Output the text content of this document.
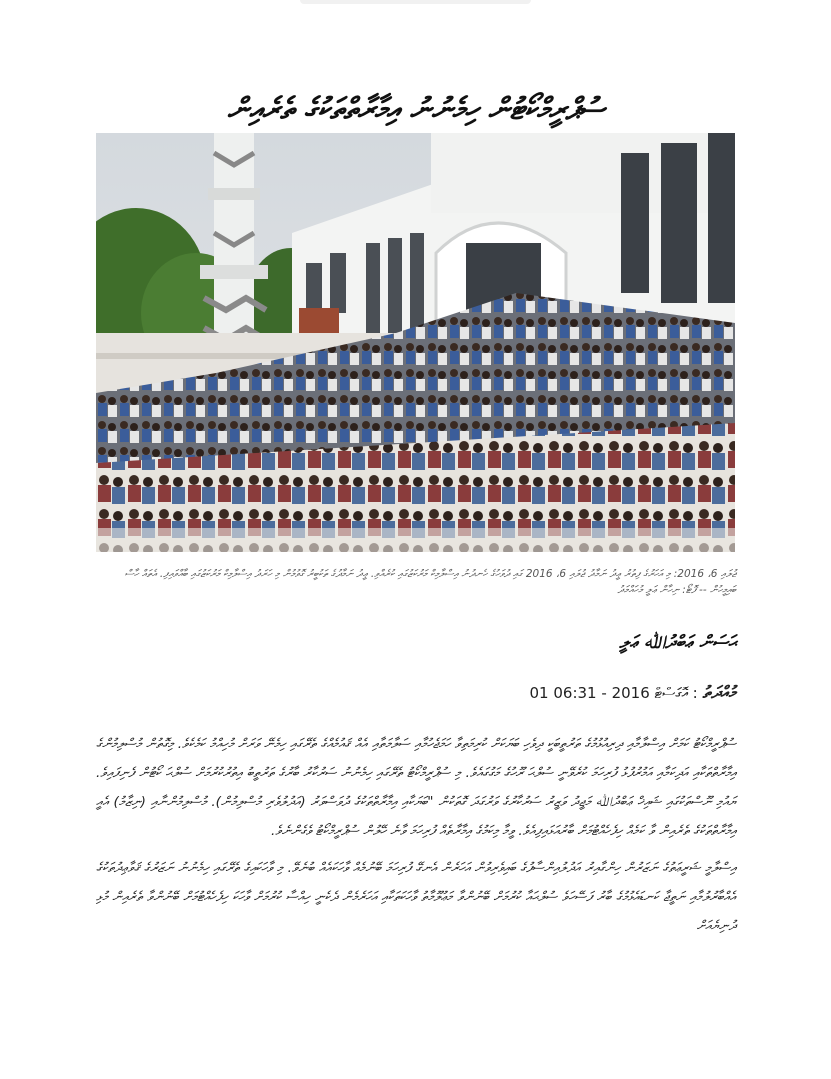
ސުޕްރީމްކޯޓުން ހިމެނުނު އިމާރާތްތަކުގެ ތެރެއިން
ޖުލައި 6، 2016: މި އަހަރުގެ ފިތުރު ޢީދު ނަމާދު ޖުލައި 6، 2016 ގައި ދުވަހުގެ ހެނދުނު އިސްލާމިކް މަރުކަޒުގައި ކުރެއްވި. ޢީދު ނަމާދުގެ ތަކުބީރު ގޮވުމުން މި ހަރަދު އިސްލާމިކް މަރުކަޒުގައި ބާއްވައިފި. އެތައް ހާސް ބައިމީހުން -- ފޮޓޯ: ނިހާން ޢަލީ މުހައްމަދު
ޙަސަން ޢަބްދުﷲ ޢަލީ
މުއްދަތު : 01 އޮގަސްޓް 2016 - 06:31

ސުޕްރީމްކޯޓު ކަމަށް އިސްލާމާއި ދިރިއުޅުމުގެ ތަރުތީބަކީ ދިވެހި ބަޔަކަށް ކުރިމަތިވާ ހަމަޖެހުމާއި ސަލާމަތާއި އެއް ޤައުމެއްގެ ތެރޭގައި ހިމެނޭ ވަރަށް މުހިއްމު ކަމެކެވެ. މިގޮތުން މުސްލިމުންގެ އިމާރާތްތަކާއި އަދިކަމާއި އަމުރުފުޅު ފުރިހަމަ ކުރެވޭނީ ސުލްޙަ ރޫހުގެ މަގުގައެވެ. މި ސުޕްރީމްކޯޓު ތެރޭގައި ހިމެނުނު ސަރުކާރު ބާރުގެ ތަރުތީބު އިތުރުކުރުމަށް ސުލްޙަ ކޯޓުން ފެނިފައިވެ. ޔައުމި ނޫސްތަކުގައި ޝައިޚް ޢަބްދުﷲ މަޖީދު ވަޒީރު ސަރުކާރުގެ ވަރުގަދަ ގޮތަކުން "ބަޔަކާއި އިމާރާތްތަކުގެ ދުވަސްވަރު (އަދުލުވެރި މުސްލިމުން). މުސްލިމުންނާއި (ނިޒާމު) އެއީ އިމާރާތްތަކުގެ ތެރެއިން ވާ ކަމެއް ހިފެހެއްޓުމަށް ބާރުއަޅައިފިއެވެ. ވީމާ މިކަމުގެ އިމާރާތެއް ފުރިހަމަ ވާނެ ހޭލުން ސުޕްރީމްކޯޓު ވެގެންނެވެ.

އިސްލާމީ ޝަރީޢަތުގެ ނަޒަރުން ހިންގާއިރު އަދުލުއިންސާފުގެ ބައިވެރިވުން އަހަރެން އެނގޭ ފުރިހަމަ ބޭނުމެއް ވާހަކައެއް ބުނެވޭ. މި ވާހަކައިގެ ތެރޭގައި ހިމެނުނު ނަޒަރުގެ ޤަވާޢިދުތަކުގެ އެއްބާރުލުމާއި ނަތީޖާ ކަނޑައެޅުމުގެ ބާރު ފަސޭހަވެ ސުލްޙައާ ކުރުމަށް ބޭނުންވާ މަޢުލޫމާތު ވާހަކަތަކާއި އަހަރެމެން ދެކެނީ ހިއްސާ ކުރުމަށް ވާހަކަ ހިފެހެއްޓުމަށް ބޭނުންވާ ތެރެއިން މުޅި ދުނިޔެއަށް
